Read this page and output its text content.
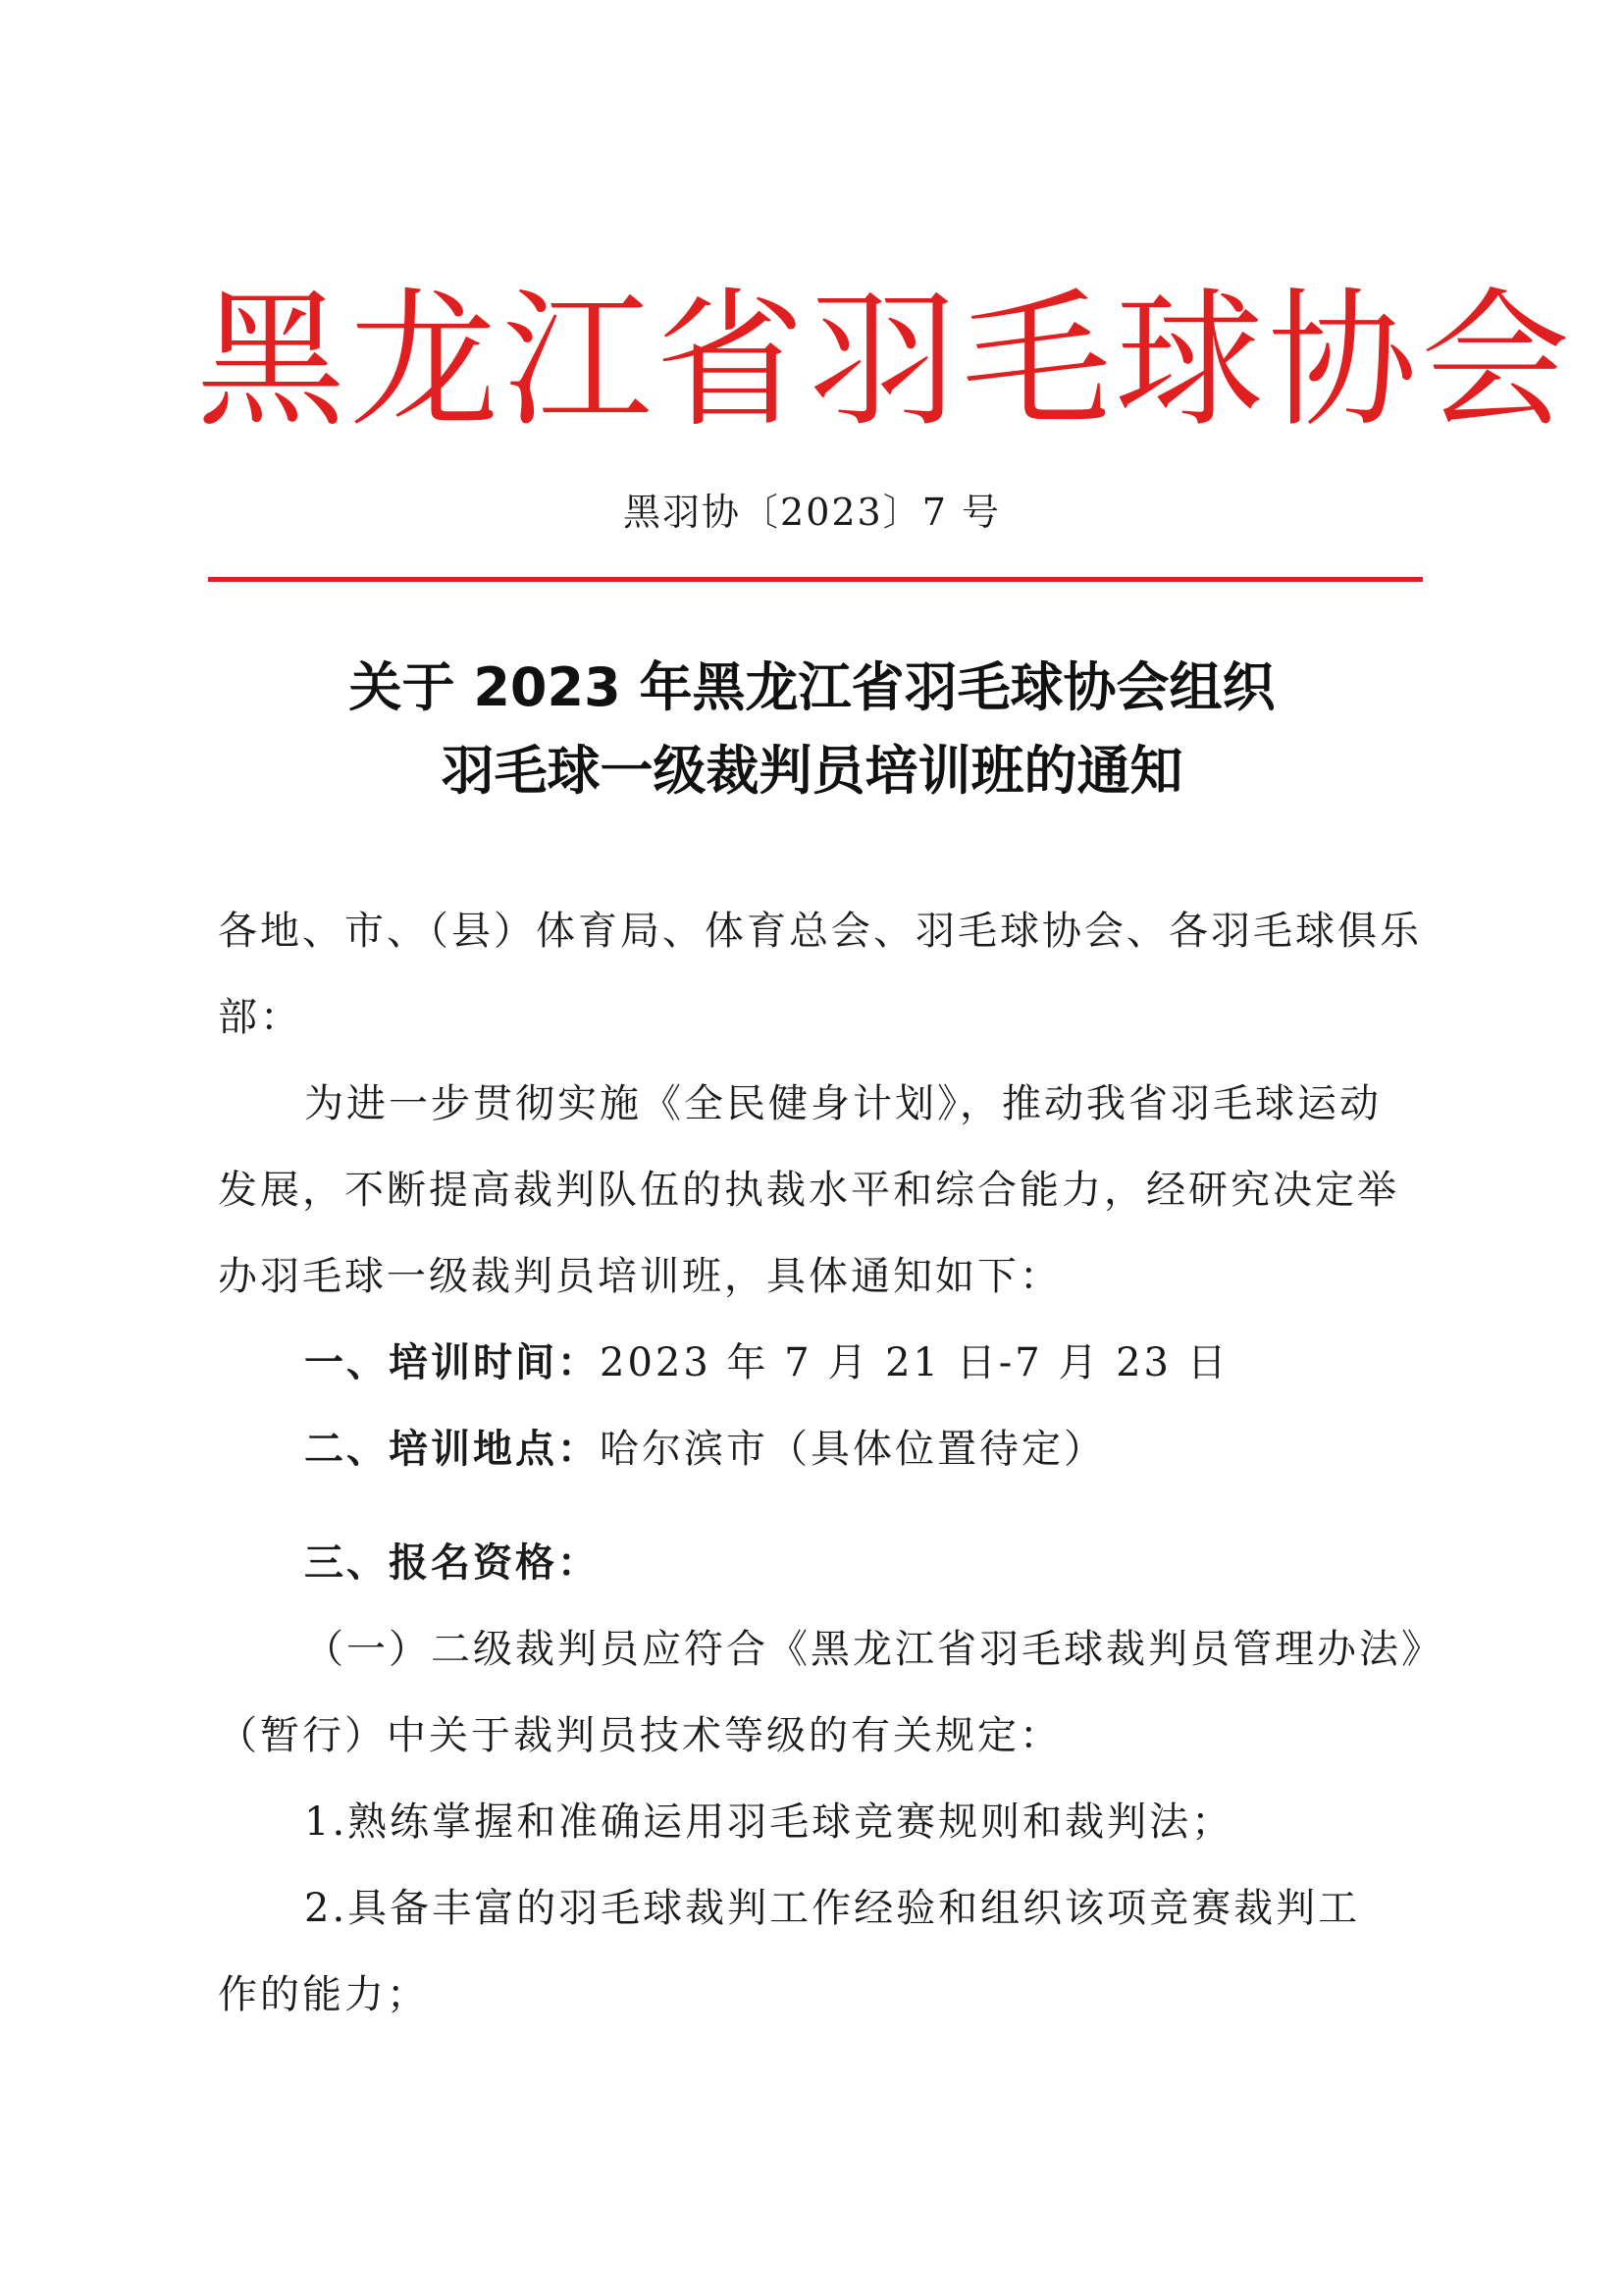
黑龙江省羽毛球协会
黑羽协〔2023〕7 号
关于 2023 年黑龙江省羽毛球协会组织
羽毛球一级裁判员培训班的通知

各地、市、（县）体育局、体育总会、羽毛球协会、各羽毛球俱乐

部：

为进一步贯彻实施《全民健身计划》，推动我省羽毛球运动

发展，不断提高裁判队伍的执裁水平和综合能力，经研究决定举

办羽毛球一级裁判员培训班，具体通知如下：

一、培训时间：2023 年 7 月 21 日-7 月 23 日

二、培训地点：哈尔滨市（具体位置待定）

三、报名资格：

（一）二级裁判员应符合《黑龙江省羽毛球裁判员管理办法》

（暂行）中关于裁判员技术等级的有关规定：

1.熟练掌握和准确运用羽毛球竞赛规则和裁判法；

2.具备丰富的羽毛球裁判工作经验和组织该项竞赛裁判工

作的能力；
